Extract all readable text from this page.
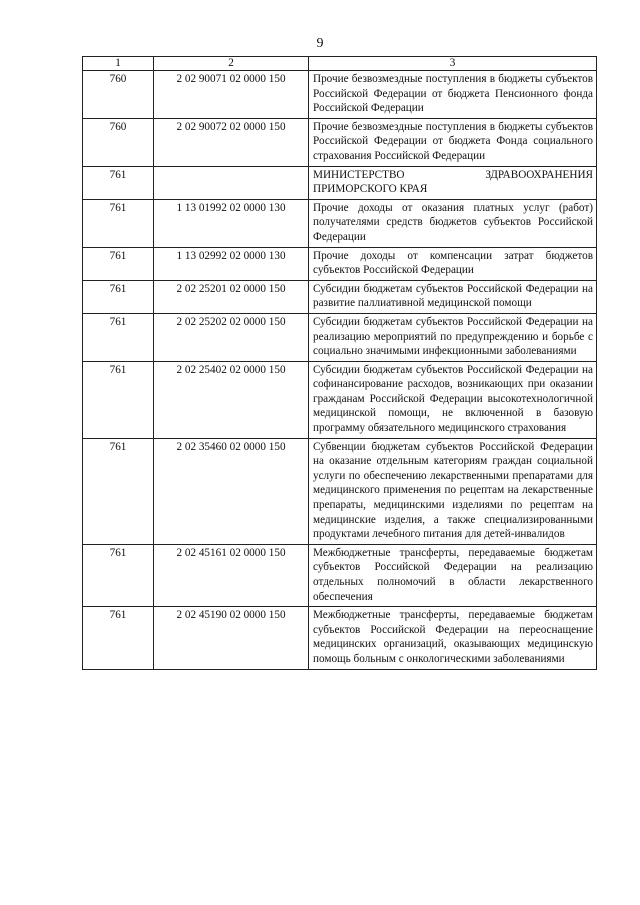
9
1	2	3
760	2 02 90071 02 0000 150	Прочие безвозмездные поступления в бюджеты субъектов Российской Федерации от бюджета Пенсионного фонда Российской Федерации
760	2 02 90072 02 0000 150	Прочие безвозмездные поступления в бюджеты субъектов Российской Федерации от бюджета Фонда социального страхования Российской Федерации
761		МИНИСТЕРСТВО ЗДРАВООХРАНЕНИЯ ПРИМОРСКОГО КРАЯ
761	1 13 01992 02 0000 130	Прочие доходы от оказания платных услуг (работ) получателями средств бюджетов субъектов Российской Федерации
761	1 13 02992 02 0000 130	Прочие доходы от компенсации затрат бюджетов субъектов Российской Федерации
761	2 02 25201 02 0000 150	Субсидии бюджетам субъектов Российской Федерации на развитие паллиативной медицинской помощи
761	2 02 25202 02 0000 150	Субсидии бюджетам субъектов Российской Федерации на реализацию мероприятий по предупреждению и борьбе с социально значимыми инфекционными заболеваниями
761	2 02 25402 02 0000 150	Субсидии бюджетам субъектов Российской Федерации на софинансирование расходов, возникающих при оказании гражданам Российской Федерации высокотехнологичной медицинской помощи, не включенной в базовую программу обязательного медицинского страхования
761	2 02 35460 02 0000 150	Субвенции бюджетам субъектов Российской Федерации на оказание отдельным категориям граждан социальной услуги по обеспечению лекарственными препаратами для медицинского применения по рецептам на лекарственные препараты, медицинскими изделиями по рецептам на медицинские изделия, а также специализированными продуктами лечебного питания для детей-инвалидов
761	2 02 45161 02 0000 150	Межбюджетные трансферты, передаваемые бюджетам субъектов Российской Федерации на реализацию отдельных полномочий в области лекарственного обеспечения
761	2 02 45190 02 0000 150	Межбюджетные трансферты, передаваемые бюджетам субъектов Российской Федерации на переоснащение медицинских организаций, оказывающих медицинскую помощь больным с онкологическими заболеваниями
